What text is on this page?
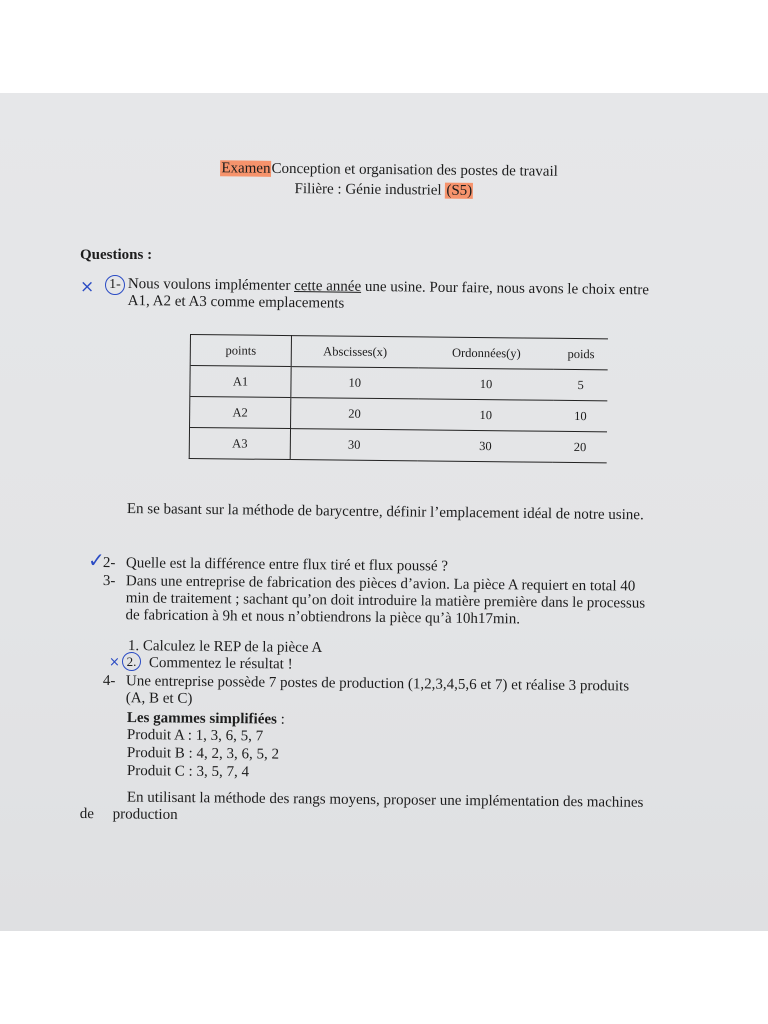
ExamenConception et organisation des postes de travail
Filière : Génie industriel (S5)
Questions :
× 1- Nous voulons implémenter cette année une usine. Pour faire, nous avons le choix entre
A1, A2 et A3 comme emplacements
points	Abscisses(x)	Ordonnées(y)	poids
A1	10	10	5
A2	20	10	10
A3	30	30	20
En se basant sur la méthode de barycentre, définir l’emplacement idéal de notre usine.
✓
2- Quelle est la différence entre flux tiré et flux poussé ?
3- Dans une entreprise de fabrication des pièces d’avion. La pièce A requiert en total 40
min de traitement ; sachant qu’on doit introduire la matière première dans le processus
de fabrication à 9h et nous n’obtiendrons la pièce qu’à 10h17min.
1. Calculez le REP de la pièce A
× 2. Commentez le résultat !
4- Une entreprise possède 7 postes de production (1,2,3,4,5,6 et 7) et réalise 3 produits
(A, B et C)
Les gammes simplifiées :
Produit A : 1, 3, 6, 5, 7
Produit B : 4, 2, 3, 6, 5, 2
Produit C : 3, 5, 7, 4
En utilisant la méthode des rangs moyens, proposer une implémentation des machines
de     production
